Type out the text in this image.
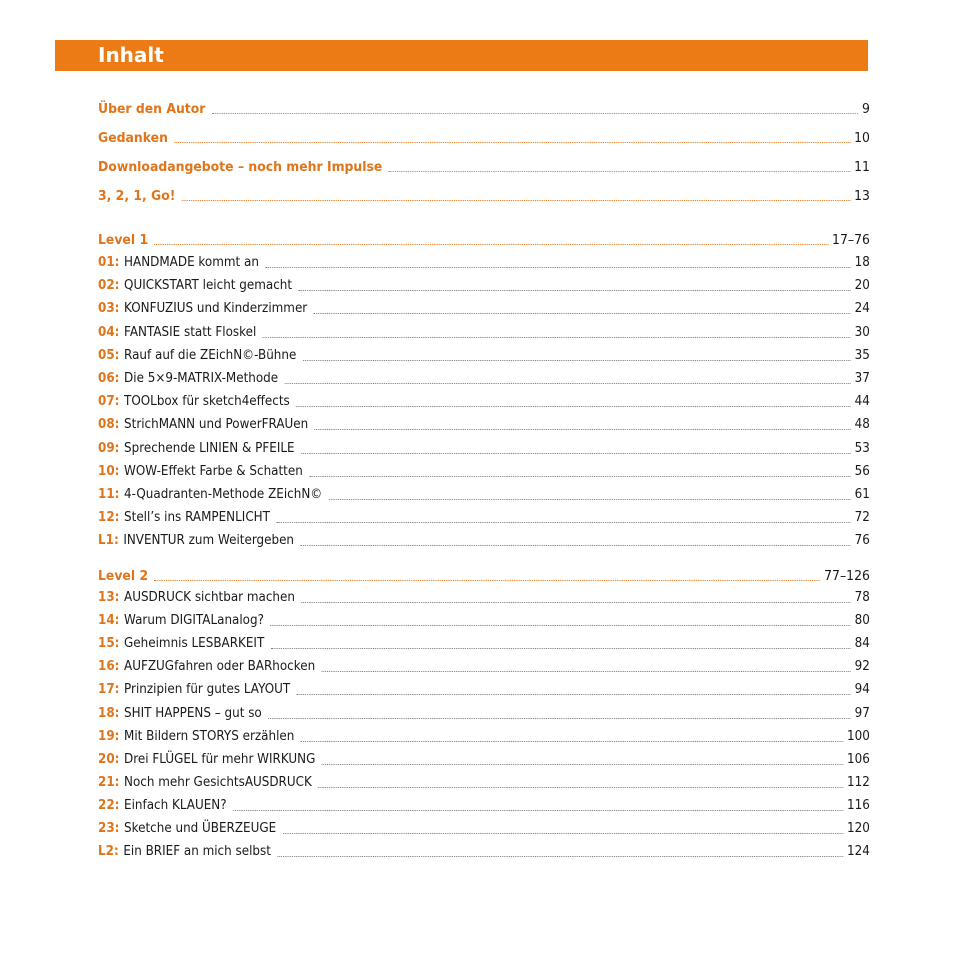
Inhalt
Über den Autor	9
Gedanken	10
Downloadangebote – noch mehr Impulse	11
3, 2, 1, Go!	13
Level 1	17–76
01: HANDMADE kommt an	18
02: QUICKSTART leicht gemacht	20
03: KONFUZIUS und Kinderzimmer	24
04: FANTASIE statt Floskel	30
05: Rauf auf die ZEichN©-Bühne	35
06: Die 5×9-MATRIX-Methode	37
07: TOOLbox für sketch4effects	44
08: StrichMANN und PowerFRAUen	48
09: Sprechende LINIEN & PFEILE	53
10: WOW-Effekt Farbe & Schatten	56
11: 4-Quadranten-Methode ZEichN©	61
12: Stell’s ins RAMPENLICHT	72
L1: INVENTUR zum Weitergeben	76
Level 2	77–126
13: AUSDRUCK sichtbar machen	78
14: Warum DIGITALanalog?	80
15: Geheimnis LESBARKEIT	84
16: AUFZUGfahren oder BARhocken	92
17: Prinzipien für gutes LAYOUT	94
18: SHIT HAPPENS – gut so	97
19: Mit Bildern STORYS erzählen	100
20: Drei FLÜGEL für mehr WIRKUNG	106
21: Noch mehr GesichtsAUSDRUCK	112
22: Einfach KLAUEN?	116
23: Sketche und ÜBERZEUGE	120
L2: Ein BRIEF an mich selbst	124
